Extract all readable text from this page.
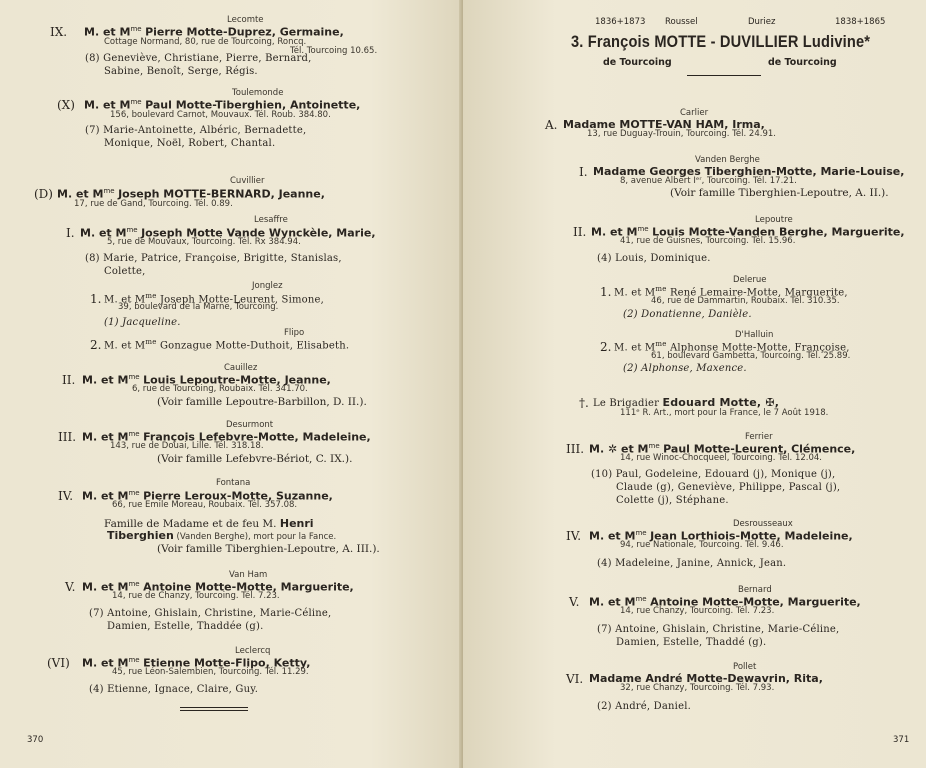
Lecomte
IX. M. et $M^{me}$ Pierre Motte-Duprez, Germaine,
Cottage Normand, 80, rue de Tourcoing, Roncq.
Tél. Tourcoing 10.65.
(8) Geneviève, Christiane, Pierre, Bernard,
Sabine, Benoît, Serge, Régis.
Toulemonde
(X) M. et $M^{me}$ Paul Motte-Tiberghien, Antoinette,
156, boulevard Carnot, Mouvaux. Tél. Roub. 384.80.
(7) Marie-Antoinette, Albéric, Bernadette,
Monique, Noël, Robert, Chantal.
Cuvillier
(D) M. et $M^{me}$ Joseph MOTTE-BERNARD, Jeanne,
17, rue de Gand, Tourcoing. Tél. 0.89.
Lesaffre
I. M. et $M^{me}$ Joseph Motte Vande Wynckèle, Marie,
5, rue de Mouvaux, Tourcoing. Tél. Rx 384.94.
(8) Marie, Patrice, Françoise, Brigitte, Stanislas,
Colette,
Jonglez
1. M. et $M^{me}$ Joseph Motte-Leurent, Simone,
39, boulevard de la Marne, Tourcoing.
(1) Jacqueline.
Flipo
2. M. et $M^{me}$ Gonzague Motte-Duthoit, Elisabeth.
Cauillez
II. M. et $M^{me}$ Louis Lepoutre-Motte, Jeanne,
6, rue de Tourcoing, Roubaix. Tél. 341.70.
(Voir famille Lepoutre-Barbillon, D. II.).
Desurmont
III. M. et $M^{me}$ François Lefebvre-Motte, Madeleine,
143, rue de Douai, Lille. Tél. 318.18.
(Voir famille Lefebvre-Bériot, C. IX.).
Fontana
IV. M. et $M^{me}$ Pierre Leroux-Motte, Suzanne,
66, rue Emile Moreau, Roubaix. Tél. 357.08.
Famille de Madame et de feu M. Henri
Tiberghien (Vanden Berghe), mort pour la Fance.
(Voir famille Tiberghien-Lepoutre, A. III.).
Van Ham
V. M. et $M^{me}$ Antoine Motte-Motte, Marguerite,
14, rue de Chanzy, Tourcoing. Tél. 7.23.
(7) Antoine, Ghislain, Christine, Marie-Céline,
Damien, Estelle, Thaddée (g).
Leclercq
(VI) M. et $M^{me}$ Etienne Motte-Flipo, Ketty,
45, rue Léon-Salembien, Tourcoing. Tél. 11.29.
(4) Etienne, Ignace, Claire, Guy.
370
1836+1873 Roussel	Duriez	1838+1865
3. François MOTTE - DUVILLIER Ludivine*
de Tourcoing	de Tourcoing
Carlier
A. Madame MOTTE-VAN HAM, Irma,
13, rue Duguay-Trouin, Tourcoing. Tél. 24.91.
Vanden Berghe
I. Madame Georges Tiberghien-Motte, Marie-Louise,
8, avenue Albert Iᵉʳ, Tourcoing. Tél. 17.21.
(Voir famille Tiberghien-Lepoutre, A. II.).
Lepoutre
II. M. et $M^{me}$ Louis Motte-Vanden Berghe, Marguerite,
41, rue de Guisnes, Tourcoing. Tél. 15.96.
(4) Louis, Dominique.
Delerue
1. M. et $M^{me}$ René Lemaire-Motte, Marguerite,
46, rue de Dammartin, Roubaix. Tél. 310.35.
(2) Donatienne, Danièle.
D'Halluin
2. M. et $M^{me}$ Alphonse Motte-Motte, Françoise,
61, boulevard Gambetta, Tourcoing. Tél. 25.89.
(2) Alphonse, Maxence.
†. Le Brigadier Edouard Motte, ✠,
111ᵉ R. Art., mort pour la France, le 7 Août 1918.
Ferrier
III. M. ✲ et $M^{me}$ Paul Motte-Leurent, Clémence,
14, rue Winoc-Chocqueel, Tourcoing. Tél. 12.04.
(10) Paul, Godeleine, Edouard (j), Monique (j),
Claude (g), Geneviève, Philippe, Pascal (j),
Colette (j), Stéphane.
Desrousseaux
IV. M. et $M^{me}$ Jean Lorthiois-Motte, Madeleine,
94, rue Nationale, Tourcoing. Tél. 9.46.
(4) Madeleine, Janine, Annick, Jean.
Bernard
V. M. et $M^{me}$ Antoine Motte-Motte, Marguerite,
14, rue Chanzy, Tourcoing. Tél. 7.23.
(7) Antoine, Ghislain, Christine, Marie-Céline,
Damien, Estelle, Thaddé (g).
Pollet
VI. Madame André Motte-Dewavrin, Rita,
32, rue Chanzy, Tourcoing. Tél. 7.93.
(2) André, Daniel.
371
